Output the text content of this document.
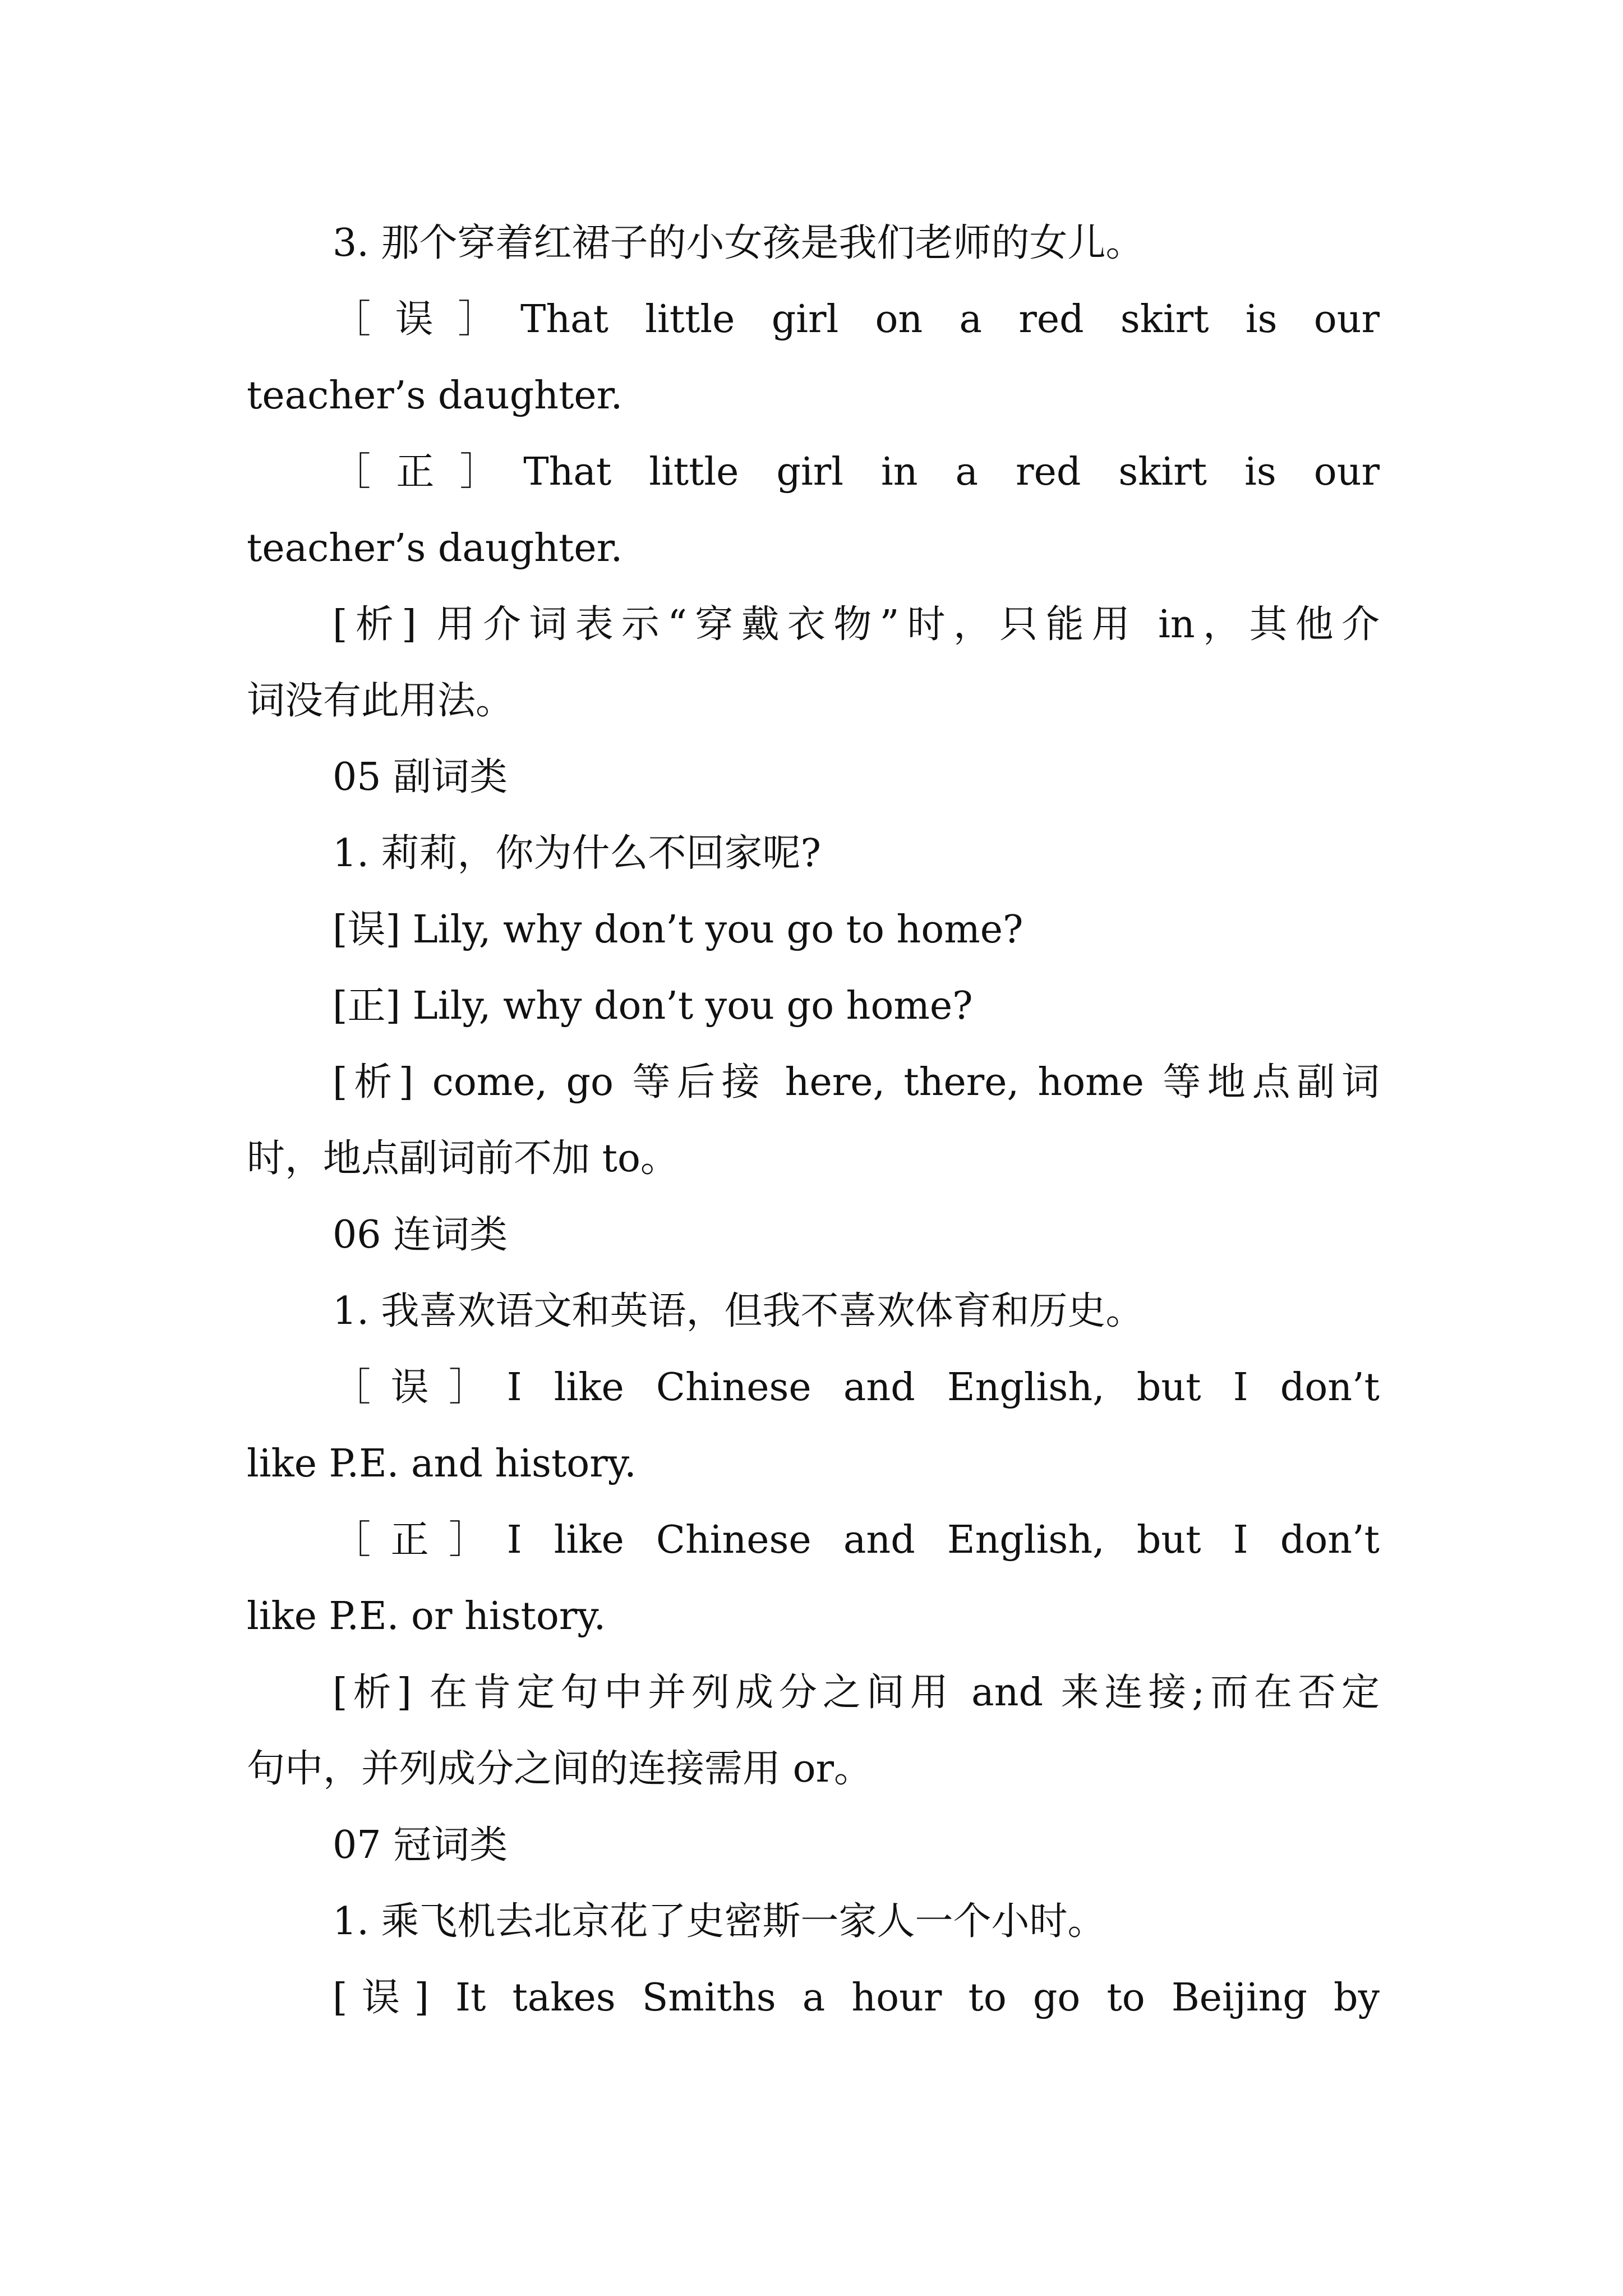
3. 那个穿着红裙子的小女孩是我们老师的女儿。
［误］That little girl on a red skirt is our
teacher’s daughter.
［正］That little girl in a red skirt is our
teacher’s daughter.
[析] 用介词表示“穿戴衣物”时，只能用 in，其他介
词没有此用法。
05 副词类
1. 莉莉，你为什么不回家呢?
[误] Lily, why don’t you go to home?
[正] Lily, why don’t you go home?
[析] come, go 等后接 here, there, home 等地点副词
时，地点副词前不加 to。
06 连词类
1. 我喜欢语文和英语，但我不喜欢体育和历史。
［误］I like Chinese and English, but I don’t
like P.E. and history.
［正］I like Chinese and English, but I don’t
like P.E. or history.
[析] 在肯定句中并列成分之间用 and 来连接;而在否定
句中，并列成分之间的连接需用 or。
07 冠词类
1. 乘飞机去北京花了史密斯一家人一个小时。
[误] It takes Smiths a hour to go to Beijing by
